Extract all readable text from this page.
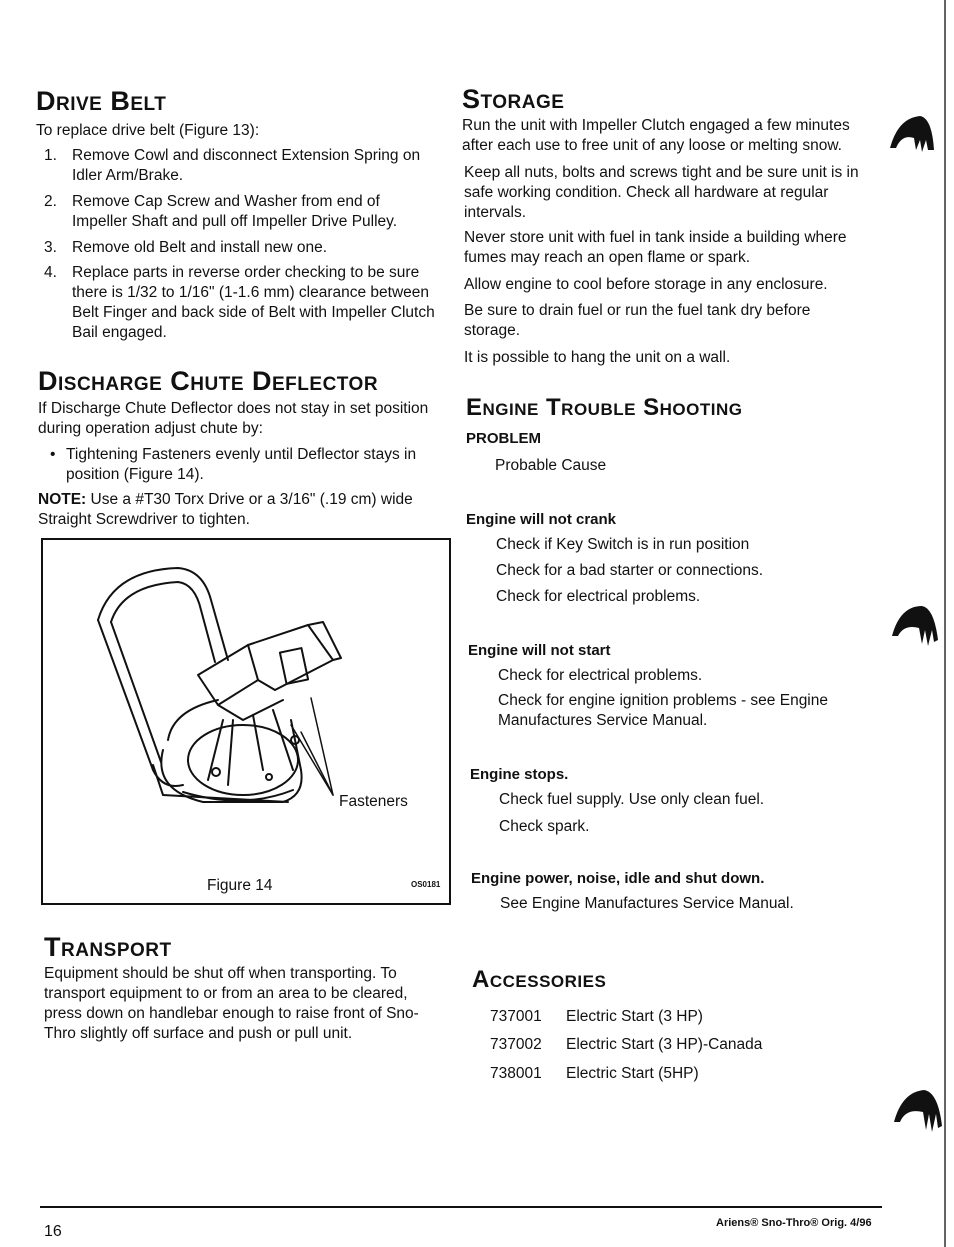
Drive Belt

To replace drive belt (Figure 13):

1. Remove Cowl and disconnect Extension Spring on Idler Arm/Brake.
2. Remove Cap Screw and Washer from end of Impeller Shaft and pull off Impeller Drive Pulley.
3. Remove old Belt and install new one.
4. Replace parts in reverse order checking to be sure there is 1/32 to 1/16" (1-1.6 mm) clearance between Belt Finger and back side of Belt with Impeller Clutch Bail engaged.
Discharge Chute Deflector

If Discharge Chute Deflector does not stay in set position during operation adjust chute by:

• Tightening Fasteners evenly until Deflector stays in position (Figure 14).

NOTE: Use a #T30 Torx Drive or a 3/16" (.19 cm) wide Straight Screwdriver to tighten.

Fasteners
Figure 14	OS0181
Transport

Equipment should be shut off when transporting. To transport equipment to or from an area to be cleared, press down on handlebar enough to raise front of Sno-Thro slightly off surface and push or pull unit.

Storage

Run the unit with Impeller Clutch engaged a few minutes after each use to free unit of any loose or melting snow.

Keep all nuts, bolts and screws tight and be sure unit is in safe working condition. Check all hardware at regular intervals.

Never store unit with fuel in tank inside a building where fumes may reach an open flame or spark.

Allow engine to cool before storage in any enclosure.

Be sure to drain fuel or run the fuel tank dry before storage.

It is possible to hang the unit on a wall.

Engine Trouble Shooting
PROBLEM
Probable Cause
Engine will not crank
Check if Key Switch is in run position
Check for a bad starter or connections.
Check for electrical problems.
Engine will not start
Check for electrical problems.
Check for engine ignition problems - see Engine Manufactures Service Manual.
Engine stops.
Check fuel supply. Use only clean fuel.
Check spark.
Engine power, noise, idle and shut down.
See Engine Manufactures Service Manual.
Accessories
737001 Electric Start (3 HP)
737002 Electric Start (3 HP)-Canada
738001 Electric Start (5HP)
16	Ariens® Sno-Thro® Orig. 4/96
